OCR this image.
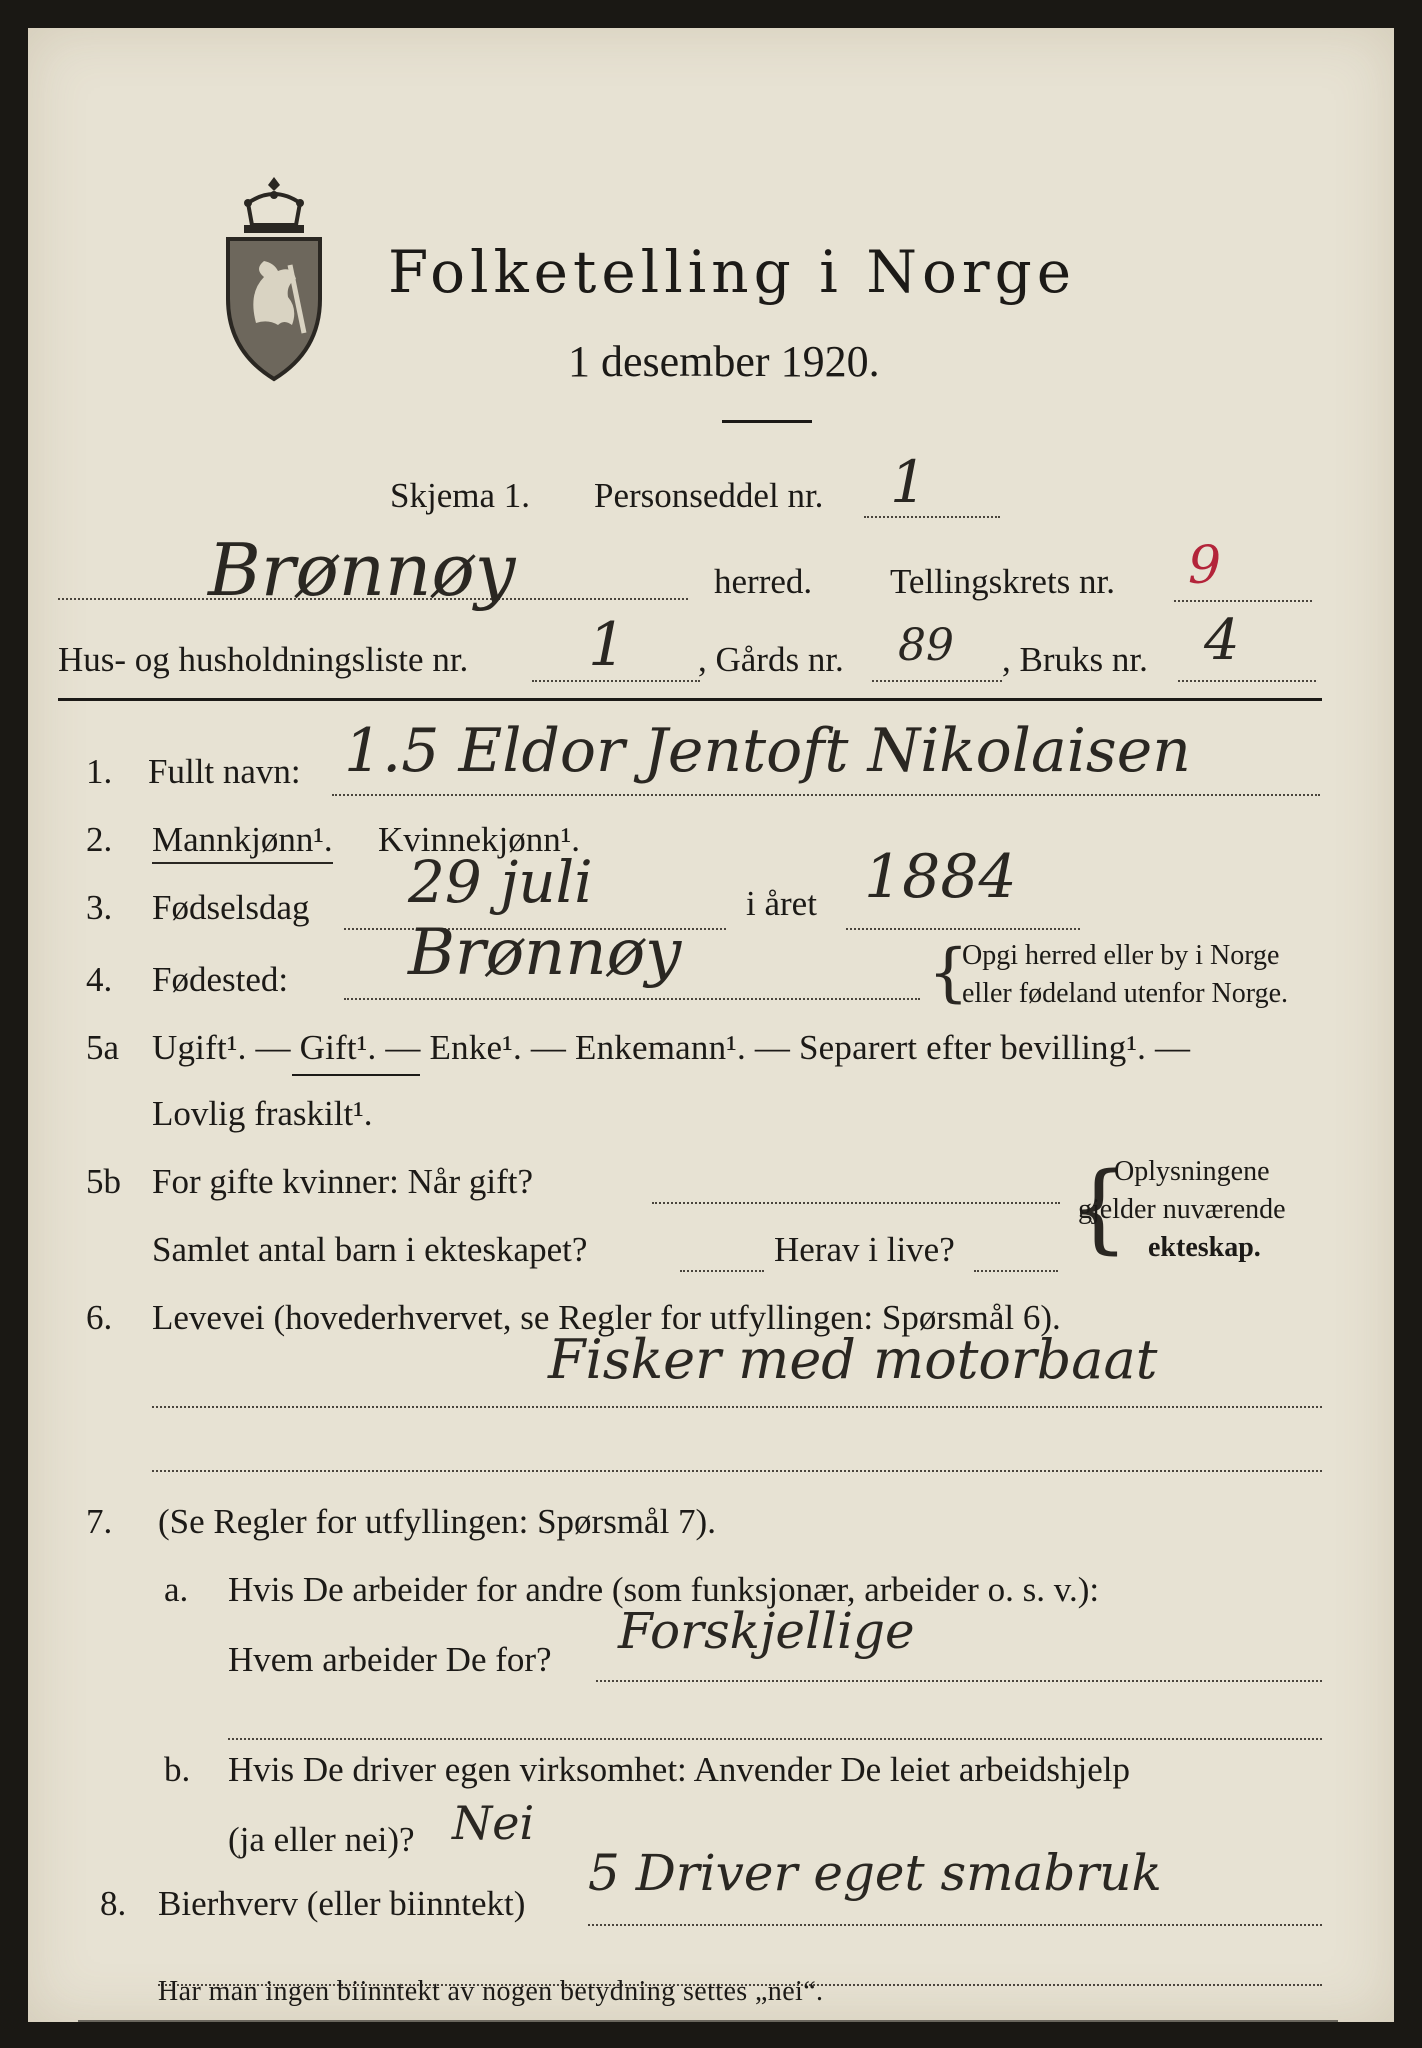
Folketelling i Norge
1 desember 1920.
Skjema 1. Personseddel nr. 1
Brønnøy	herred. Tellingskrets nr. 9
Hus- og husholdningsliste nr. 1 , Gårds nr. 89 , Bruks nr. 4
1. Fullt navn: 1.5 Eldor Jentoft Nikolaisen
2. Mannkjønn¹. Kvinnekjønn¹.
3. Fødselsdag 29 juli	i året 1884
4. Fødested: Brønnøy	{
Opgi herred eller by i Norge
eller fødeland utenfor Norge.
5a Ugift¹. — Gift¹. — Enke¹. — Enkemann¹. — Separert efter bevilling¹. —
Lovlig fraskilt¹.
5b For gifte kvinner: Når gift?
Samlet antal barn i ekteskapet?	Herav i live? {
Oplysningene
gjelder nuværende
ekteskap.
6. Levevei (hovederhvervet, se Regler for utfyllingen: Spørsmål 6).
Fisker med motorbaat
7. (Se Regler for utfyllingen: Spørsmål 7).
a. Hvis De arbeider for andre (som funksjonær, arbeider o. s. v.):
Hvem arbeider De for? Forskjellige
b. Hvis De driver egen virksomhet: Anvender De leiet arbeidshjelp
(ja eller nei)? Nei
8. Bierhverv (eller biinntekt)
5 Driver eget smabruk
Har man ingen biinntekt av nogen betydning settes „nei“.
